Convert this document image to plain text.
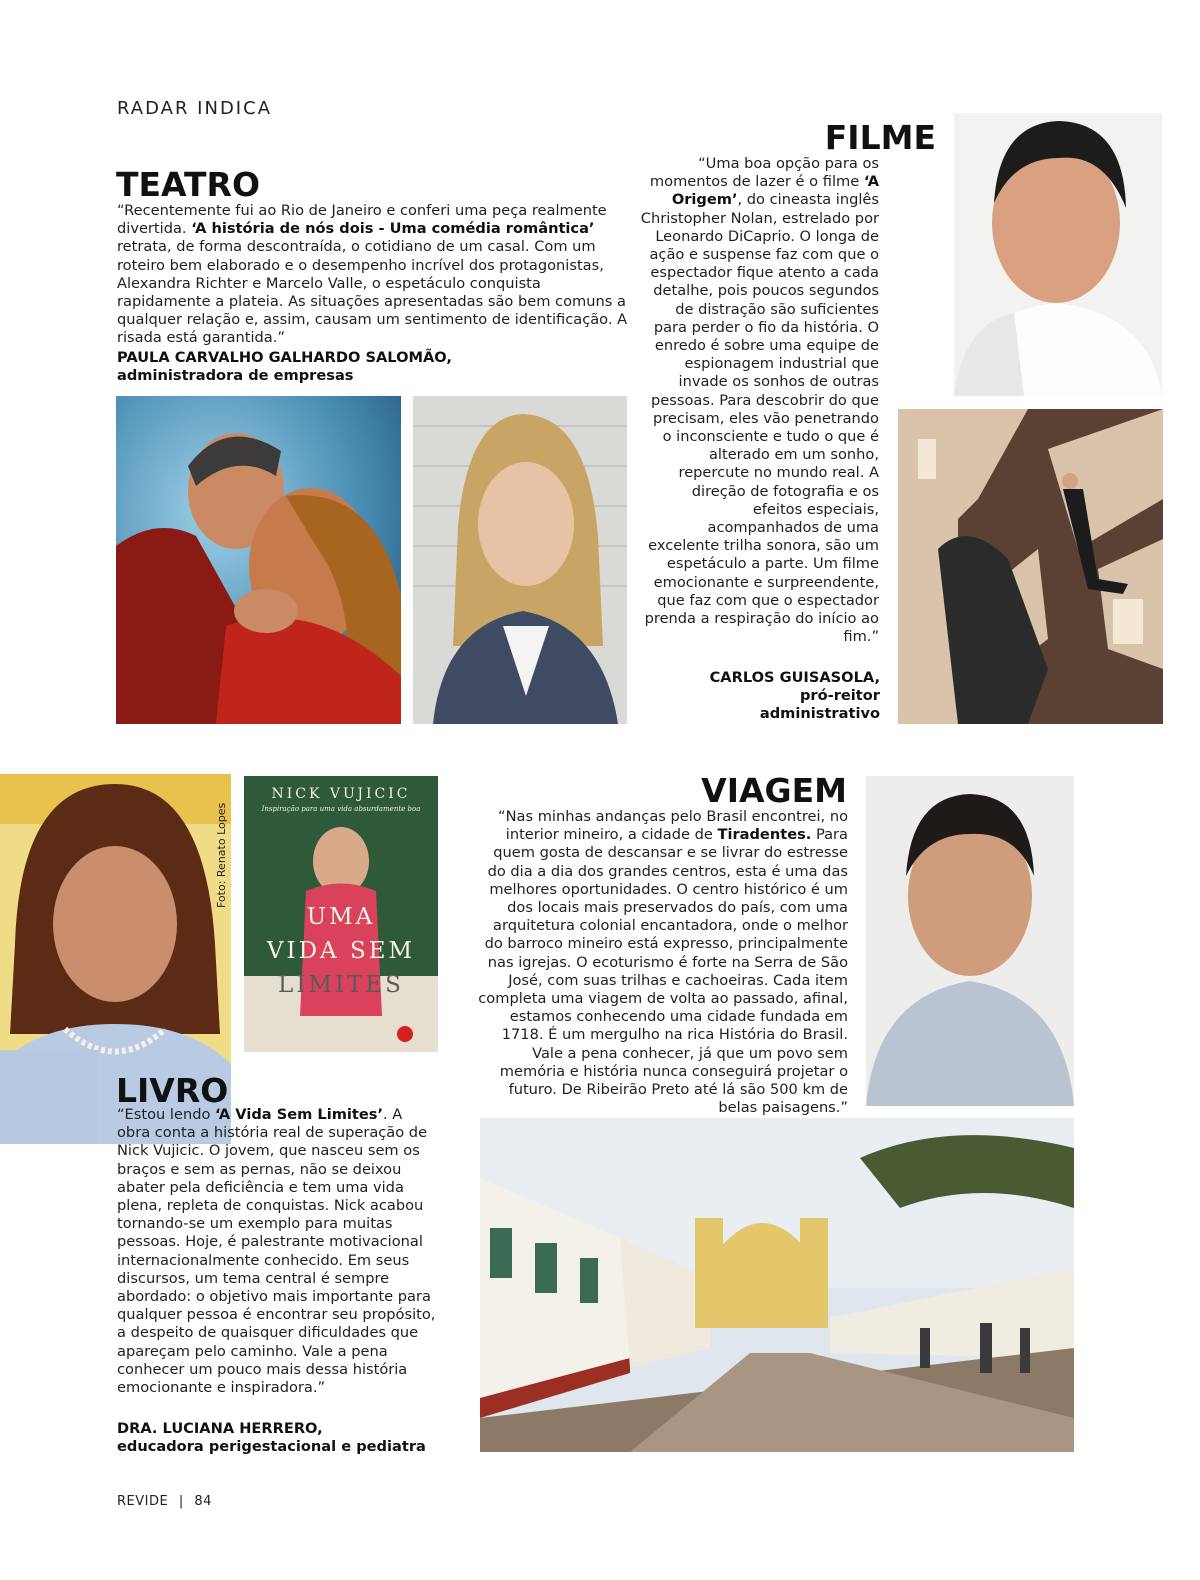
RADAR INDICA
TEATRO
“Recentemente fui ao Rio de Janeiro e conferi uma peça realmente divertida. ‘A história de nós dois - Uma comédia romântica’ retrata, de forma descontraída, o cotidiano de um casal. Com um roteiro bem elaborado e o desempenho incrível dos protagonistas, Alexandra Richter e Marcelo Valle, o espetáculo conquista rapidamente a plateia. As situações apresentadas são bem comuns a qualquer relação e, assim, causam um sentimento de identificação. A risada está garantida.”
PAULA CARVALHO GALHARDO SALOMÃO,
administradora de empresas
FILME
“Uma boa opção para os momentos de lazer é o filme ‘A Origem’, do cineasta inglês Christopher Nolan, estrelado por Leonardo DiCaprio. O longa de ação e suspense faz com que o espectador fique atento a cada detalhe, pois poucos segundos de distração são suficientes para perder o fio da história. O enredo é sobre uma equipe de espionagem industrial que invade os sonhos de outras pessoas. Para descobrir do que precisam, eles vão penetrando o inconsciente e tudo o que é alterado em um sonho, repercute no mundo real. A direção de fotografia e os efeitos especiais, acompanhados de uma excelente trilha sonora, são um espetáculo a parte. Um filme emocionante e surpreendente, que faz com que o espectador prenda a respiração do início ao fim.”
CARLOS GUISASOLA,
pró-reitor
administrativo
Foto: Renato Lopes
NICK VUJICIC
Inspiração para uma vida absurdamente boa
UMA
VIDA SEM
LIMITES
LIVRO
“Estou lendo ‘A Vida Sem Limites’. A obra conta a história real de superação de Nick Vujicic. O jovem, que nasceu sem os braços e sem as pernas, não se deixou abater pela deficiência e tem uma vida plena, repleta de conquistas. Nick acabou tornando-se um exemplo para muitas pessoas. Hoje, é palestrante motivacional internacionalmente conhecido. Em seus discursos, um tema central é sempre abordado: o objetivo mais importante para qualquer pessoa é encontrar seu propósito, a despeito de quaisquer dificuldades que apareçam pelo caminho. Vale a pena conhecer um pouco mais dessa história emocionante e inspiradora.”
DRA. LUCIANA HERRERO,
educadora perigestacional e pediatra
VIAGEM
“Nas minhas andanças pelo Brasil encontrei, no interior mineiro, a cidade de Tiradentes. Para quem gosta de descansar e se livrar do estresse do dia a dia dos grandes centros, esta é uma das melhores oportunidades. O centro histórico é um dos locais mais preservados do país, com uma arquitetura colonial encantadora, onde o melhor do barroco mineiro está expresso, principalmente nas igrejas. O ecoturismo é forte na Serra de São José, com suas trilhas e cachoeiras. Cada item completa uma viagem de volta ao passado, afinal, estamos conhecendo uma cidade fundada em 1718. É um mergulho na rica História do Brasil. Vale a pena conhecer, já que um povo sem memória e história nunca conseguirá projetar o futuro. De Ribeirão Preto até lá são 500 km de belas paisagens.”
REVIDE | 84
